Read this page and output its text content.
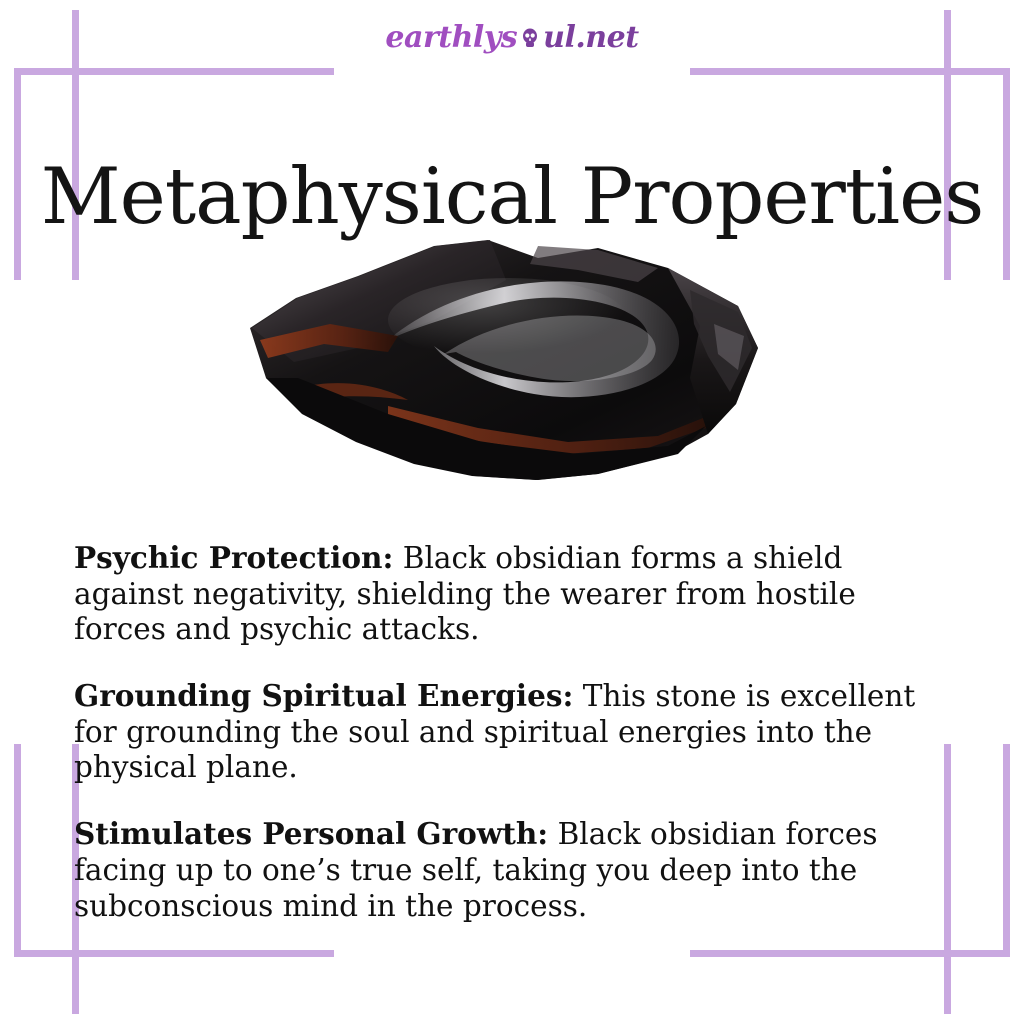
earthlys ul.net
Metaphysical Properties

Psychic Protection: Black obsidian forms a shield against negativity, shielding the wearer from hostile forces and psychic attacks.

Grounding Spiritual Energies: This stone is excellent for grounding the soul and spiritual energies into the physical plane.

Stimulates Personal Growth: Black obsidian forces facing up to one’s true self, taking you deep into the subconscious mind in the process.
